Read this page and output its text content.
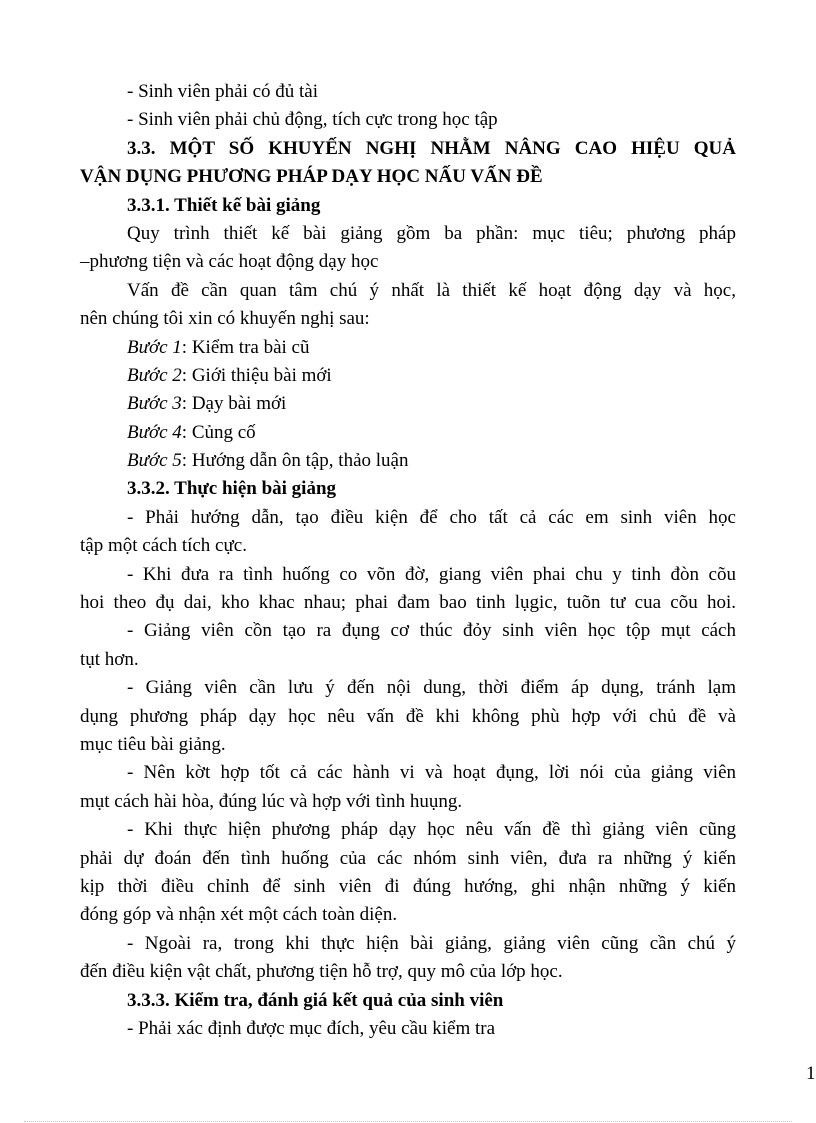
- Sinh viên phải có đủ tài
- Sinh viên phải chủ động, tích cực trong học tập
3.3. MỘT SỐ KHUYẾN NGHỊ NHẰM NÂNG CAO HIỆU QUẢ
VẬN DỤNG PHƯƠNG PHÁP DẠY HỌC NẤU VẤN ĐỀ
3.3.1. Thiết kế bài giảng
Quy trình thiết kế bài giảng gồm ba phần: mục tiêu; phương pháp
–phương tiện và các hoạt động dạy học
Vấn đề cần quan tâm chú ý nhất là thiết kế hoạt động dạy và học,
nên chúng tôi xin có khuyến nghị sau:
Bước 1: Kiểm tra bài cũ
Bước 2: Giới thiệu bài mới
Bước 3: Dạy bài mới
Bước 4: Củng cố
Bước 5: Hướng dẫn ôn tập, thảo luận
3.3.2. Thực hiện bài giảng
- Phải hướng dẫn, tạo điều kiện để cho tất cả các em sinh viên học
tập một cách tích cực.
- Khi đưa ra tình huống co võn đờ, giang viên phai chu y tinh đòn cõu
hoi theo đụ dai, kho khac nhau; phai đam bao tinh lụgic, tuõn tư cua cõu hoi.
- Giảng viên cồn tạo ra đụng cơ thúc đỏy sinh viên học tộp mụt cách
tụt hơn.
- Giảng viên cần lưu ý đến nội dung, thời điểm áp dụng, tránh lạm
dụng phương pháp dạy học nêu vấn đề khi không phù hợp với chủ đề và
mục tiêu bài giảng.
- Nên kờt hợp tốt cả các hành vi và hoạt đụng, lời nói của giảng viên
mụt cách hài hòa, đúng lúc và hợp với tình huụng.
- Khi thực hiện phương pháp dạy học nêu vấn đề thì giảng viên cũng
phải dự đoán đến tình huống của các nhóm sinh viên, đưa ra những ý kiến
kịp thời điều chỉnh để sinh viên đi đúng hướng, ghi nhận những ý kiến
đóng góp và nhận xét một cách toàn diện.
- Ngoài ra, trong khi thực hiện bài giảng, giảng viên cũng cần chú ý
đến điều kiện vật chất, phương tiện hỗ trợ, quy mô của lớp học.
3.3.3. Kiểm tra, đánh giá kết quả của sinh viên
- Phải xác định được mục đích, yêu cầu kiểm tra
1
